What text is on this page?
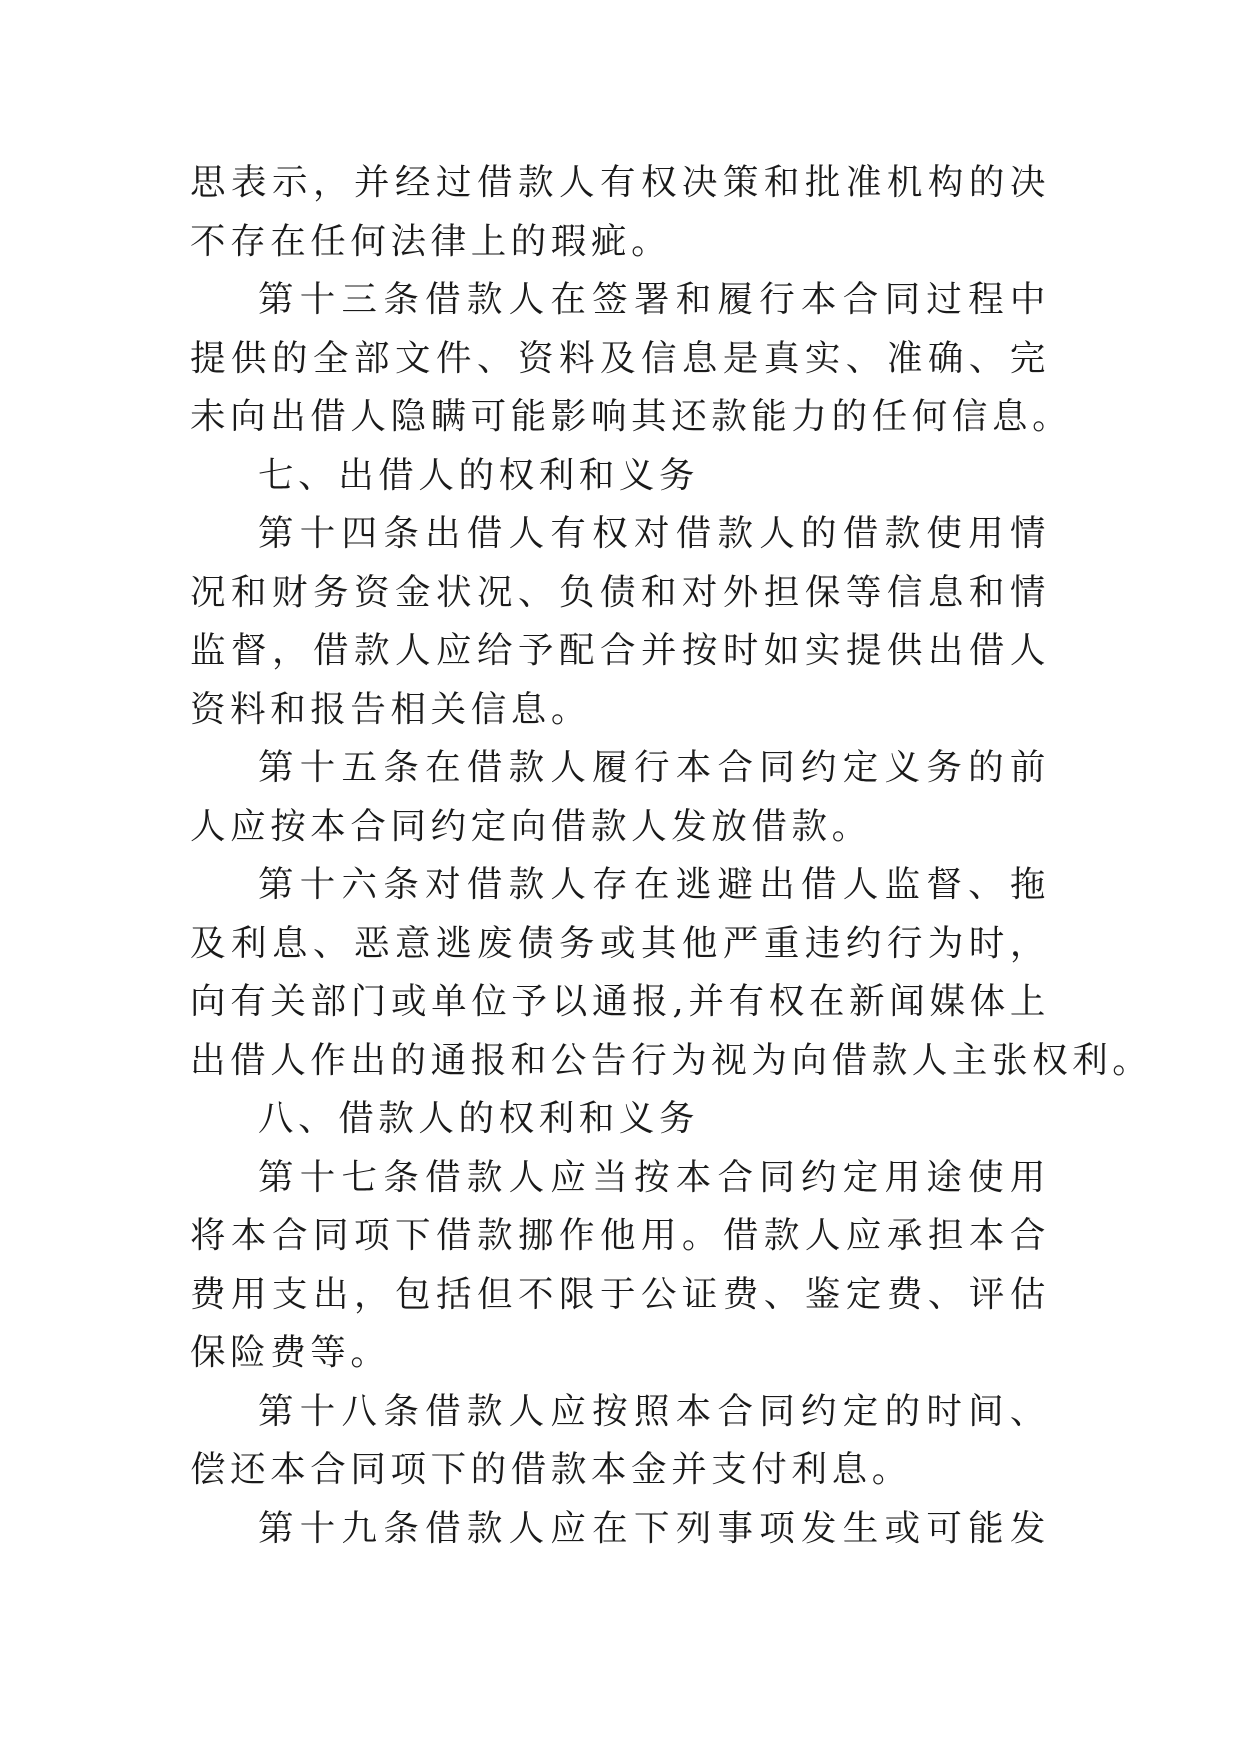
思表示，并经过借款人有权决策和批准机构的决
不存在任何法律上的瑕疵。
第十三条借款人在签署和履行本合同过程中
提供的全部文件、资料及信息是真实、准确、完
未向出借人隐瞒可能影响其还款能力的任何信息。
七、出借人的权利和义务
第十四条出借人有权对借款人的借款使用情
况和财务资金状况、负债和对外担保等信息和情
监督，借款人应给予配合并按时如实提供出借人
资料和报告相关信息。
第十五条在借款人履行本合同约定义务的前
人应按本合同约定向借款人发放借款。
第十六条对借款人存在逃避出借人监督、拖
及利息、恶意逃废债务或其他严重违约行为时，
向有关部门或单位予以通报,并有权在新闻媒体上
出借人作出的通报和公告行为视为向借款人主张权利。
八、借款人的权利和义务
第十七条借款人应当按本合同约定用途使用
将本合同项下借款挪作他用。借款人应承担本合
费用支出，包括但不限于公证费、鉴定费、评估
保险费等。
第十八条借款人应按照本合同约定的时间、
偿还本合同项下的借款本金并支付利息。
第十九条借款人应在下列事项发生或可能发
